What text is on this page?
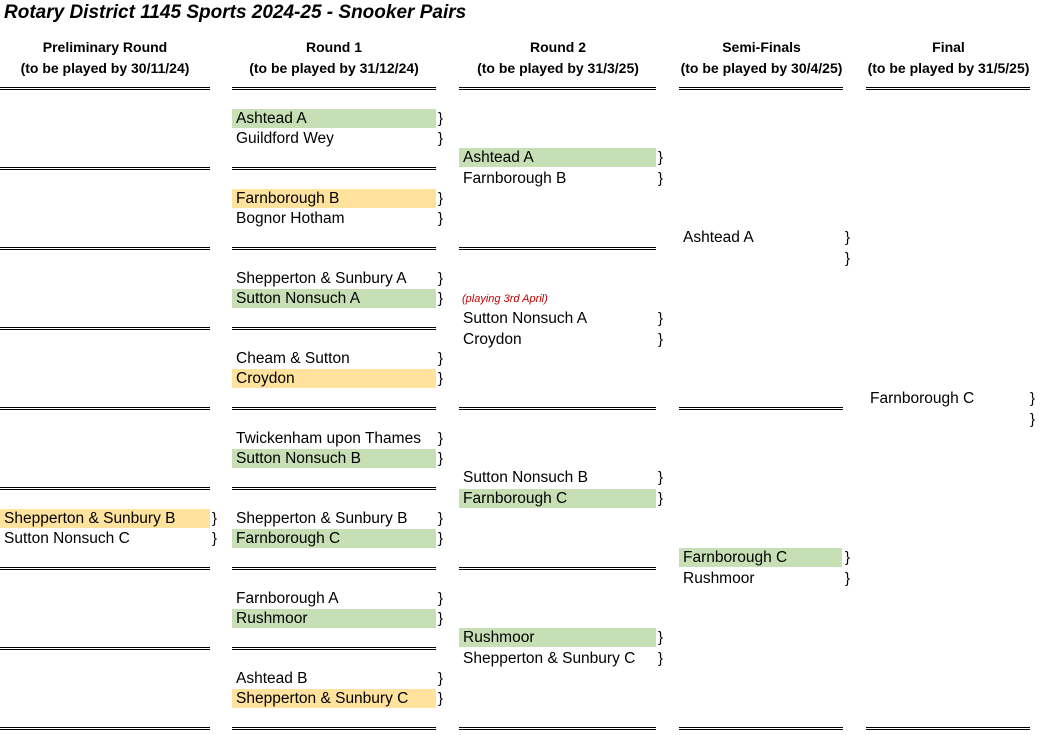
Rotary District 1145 Sports 2024-25 - Snooker Pairs
Preliminary Round
(to be played by 30/11/24)
Round 1
(to be played by 31/12/24)
Round 2
(to be played by 31/3/25)
Semi-Finals
(to be played by 30/4/25)
Final
(to be played by 31/5/25)
Shepperton & Sunbury B	}
Sutton Nonsuch C	}
Ashtead A	}
Guildford Wey	}
Farnborough B	}
Bognor Hotham	}
Shepperton & Sunbury A	}
Sutton Nonsuch A	}
Cheam & Sutton	}
Croydon	}
Twickenham upon Thames	}
Sutton Nonsuch B	}
Shepperton & Sunbury B	}
Farnborough C	}
Farnborough A	}
Rushmoor	}
Ashtead B	}
Shepperton & Sunbury C	}
Ashtead A	}
Farnborough B	}
Sutton Nonsuch A	}
Croydon	}
Sutton Nonsuch B	}
Farnborough C	}
Rushmoor	}
Shepperton & Sunbury C	}
Ashtead A	}
}
Farnborough C	}
Rushmoor	}
Farnborough C	}
}
(playing 3rd April)
